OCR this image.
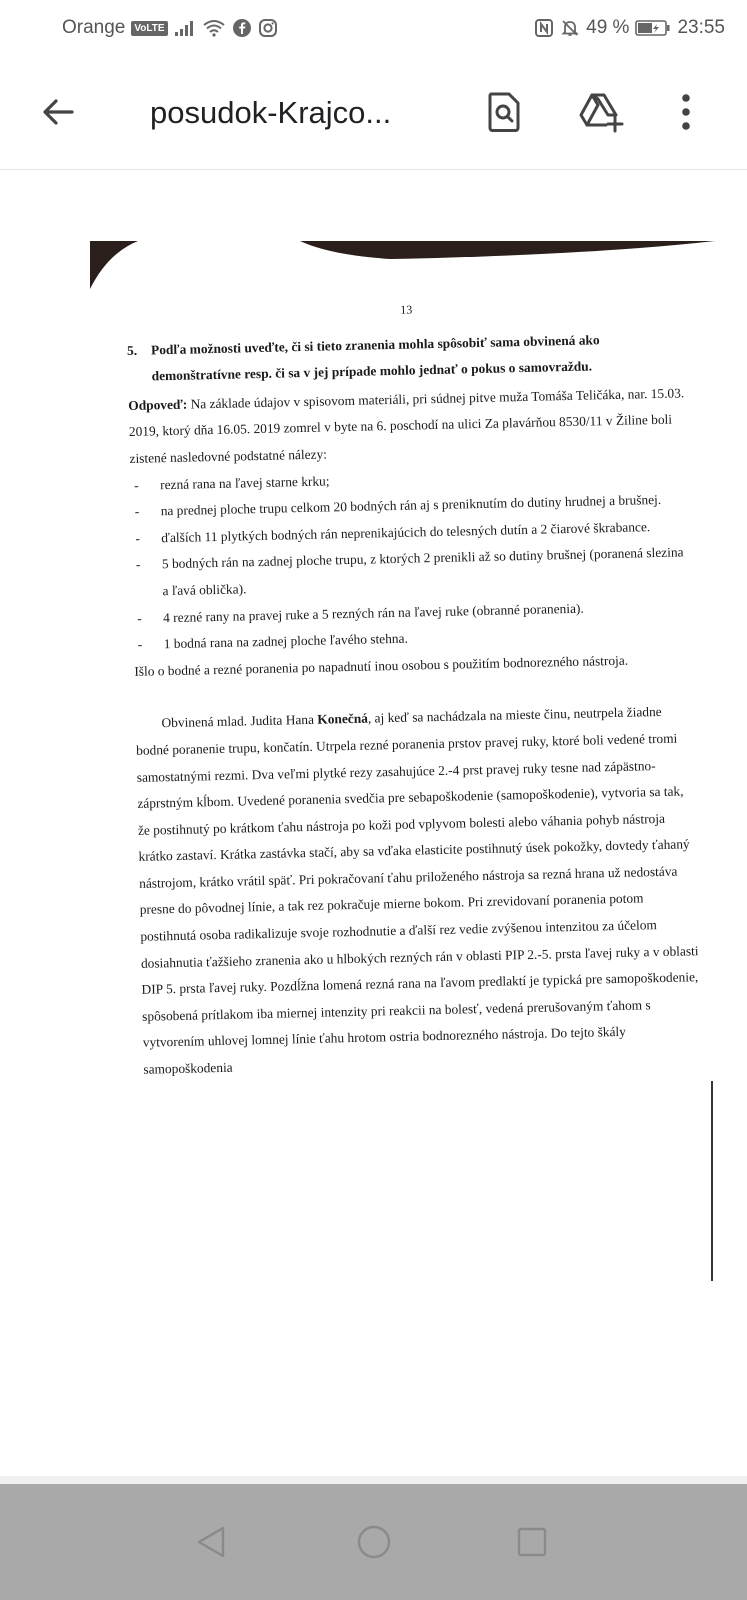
Orange VoLTE	49 %	23:55
posudok-Krajco...
13
5.	Podľa možnosti uveďte, či si tieto zranenia mohla spôsobiť sama obvinená ako demonštratívne resp. či sa v jej prípade mohlo jednať o pokus o samovraždu.
Odpoveď: Na základe údajov v spisovom materiáli, pri súdnej pitve muža Tomáša Teličáka, nar. 15.03. 2019, ktorý dňa 16.05. 2019 zomrel v byte na 6. poschodí na ulici Za plavárňou 8530/11 v Žiline boli zistené nasledovné podstatné nálezy:
-	rezná rana na ľavej starne krku;
-	na prednej ploche trupu celkom 20 bodných rán aj s preniknutím do dutiny hrudnej a brušnej.
-	ďalších 11 plytkých bodných rán neprenikajúcich do telesných dutín a 2 čiarové škrabance.
-	5 bodných rán na zadnej ploche trupu, z ktorých 2 prenikli až so dutiny brušnej (poranená slezina a ľavá oblička).
-	4 rezné rany na pravej ruke a 5 rezných rán na ľavej ruke (obranné poranenia).
-	1 bodná rana na zadnej ploche ľavého stehna.
Išlo o bodné a rezné poranenia po napadnutí inou osobou s použitím bodnorezného nástroja.
Obvinená mlad. Judita Hana Konečná, aj keď sa nachádzala na mieste činu, neutrpela žiadne bodné poranenie trupu, končatín. Utrpela rezné poranenia prstov pravej ruky, ktoré boli vedené tromi samostatnými rezmi. Dva veľmi plytké rezy zasahujúce 2.-4 prst pravej ruky tesne nad zápästno-záprstným kĺbom. Uvedené poranenia svedčia pre sebapoškodenie (samopoškodenie), vytvoria sa tak, že postihnutý po krátkom ťahu nástroja po koži pod vplyvom bolesti alebo váhania pohyb nástroja krátko zastaví. Krátka zastávka stačí, aby sa vďaka elasticite postihnutý úsek pokožky, dovtedy ťahaný nástrojom, krátko vrátil späť. Pri pokračovaní ťahu priloženého nástroja sa rezná hrana už nedostáva presne do pôvodnej línie, a tak rez pokračuje mierne bokom. Pri zrevidovaní poranenia potom postihnutá osoba radikalizuje svoje rozhodnutie a ďalší rez vedie zvýšenou intenzitou za účelom dosiahnutia ťažšieho zranenia ako u hlbokých rezných rán v oblasti PIP 2.-5. prsta ľavej ruky a v oblasti DIP 5. prsta ľavej ruky. Pozdĺžna lomená rezná rana na ľavom predlaktí je typická pre samopoškodenie, spôsobená prítlakom iba miernej intenzity pri reakcii na bolesť, vedená prerušovaným ťahom s vytvorením uhlovej lomnej línie ťahu hrotom ostria bodnorezného nástroja. Do tejto škály samopoškodenia
